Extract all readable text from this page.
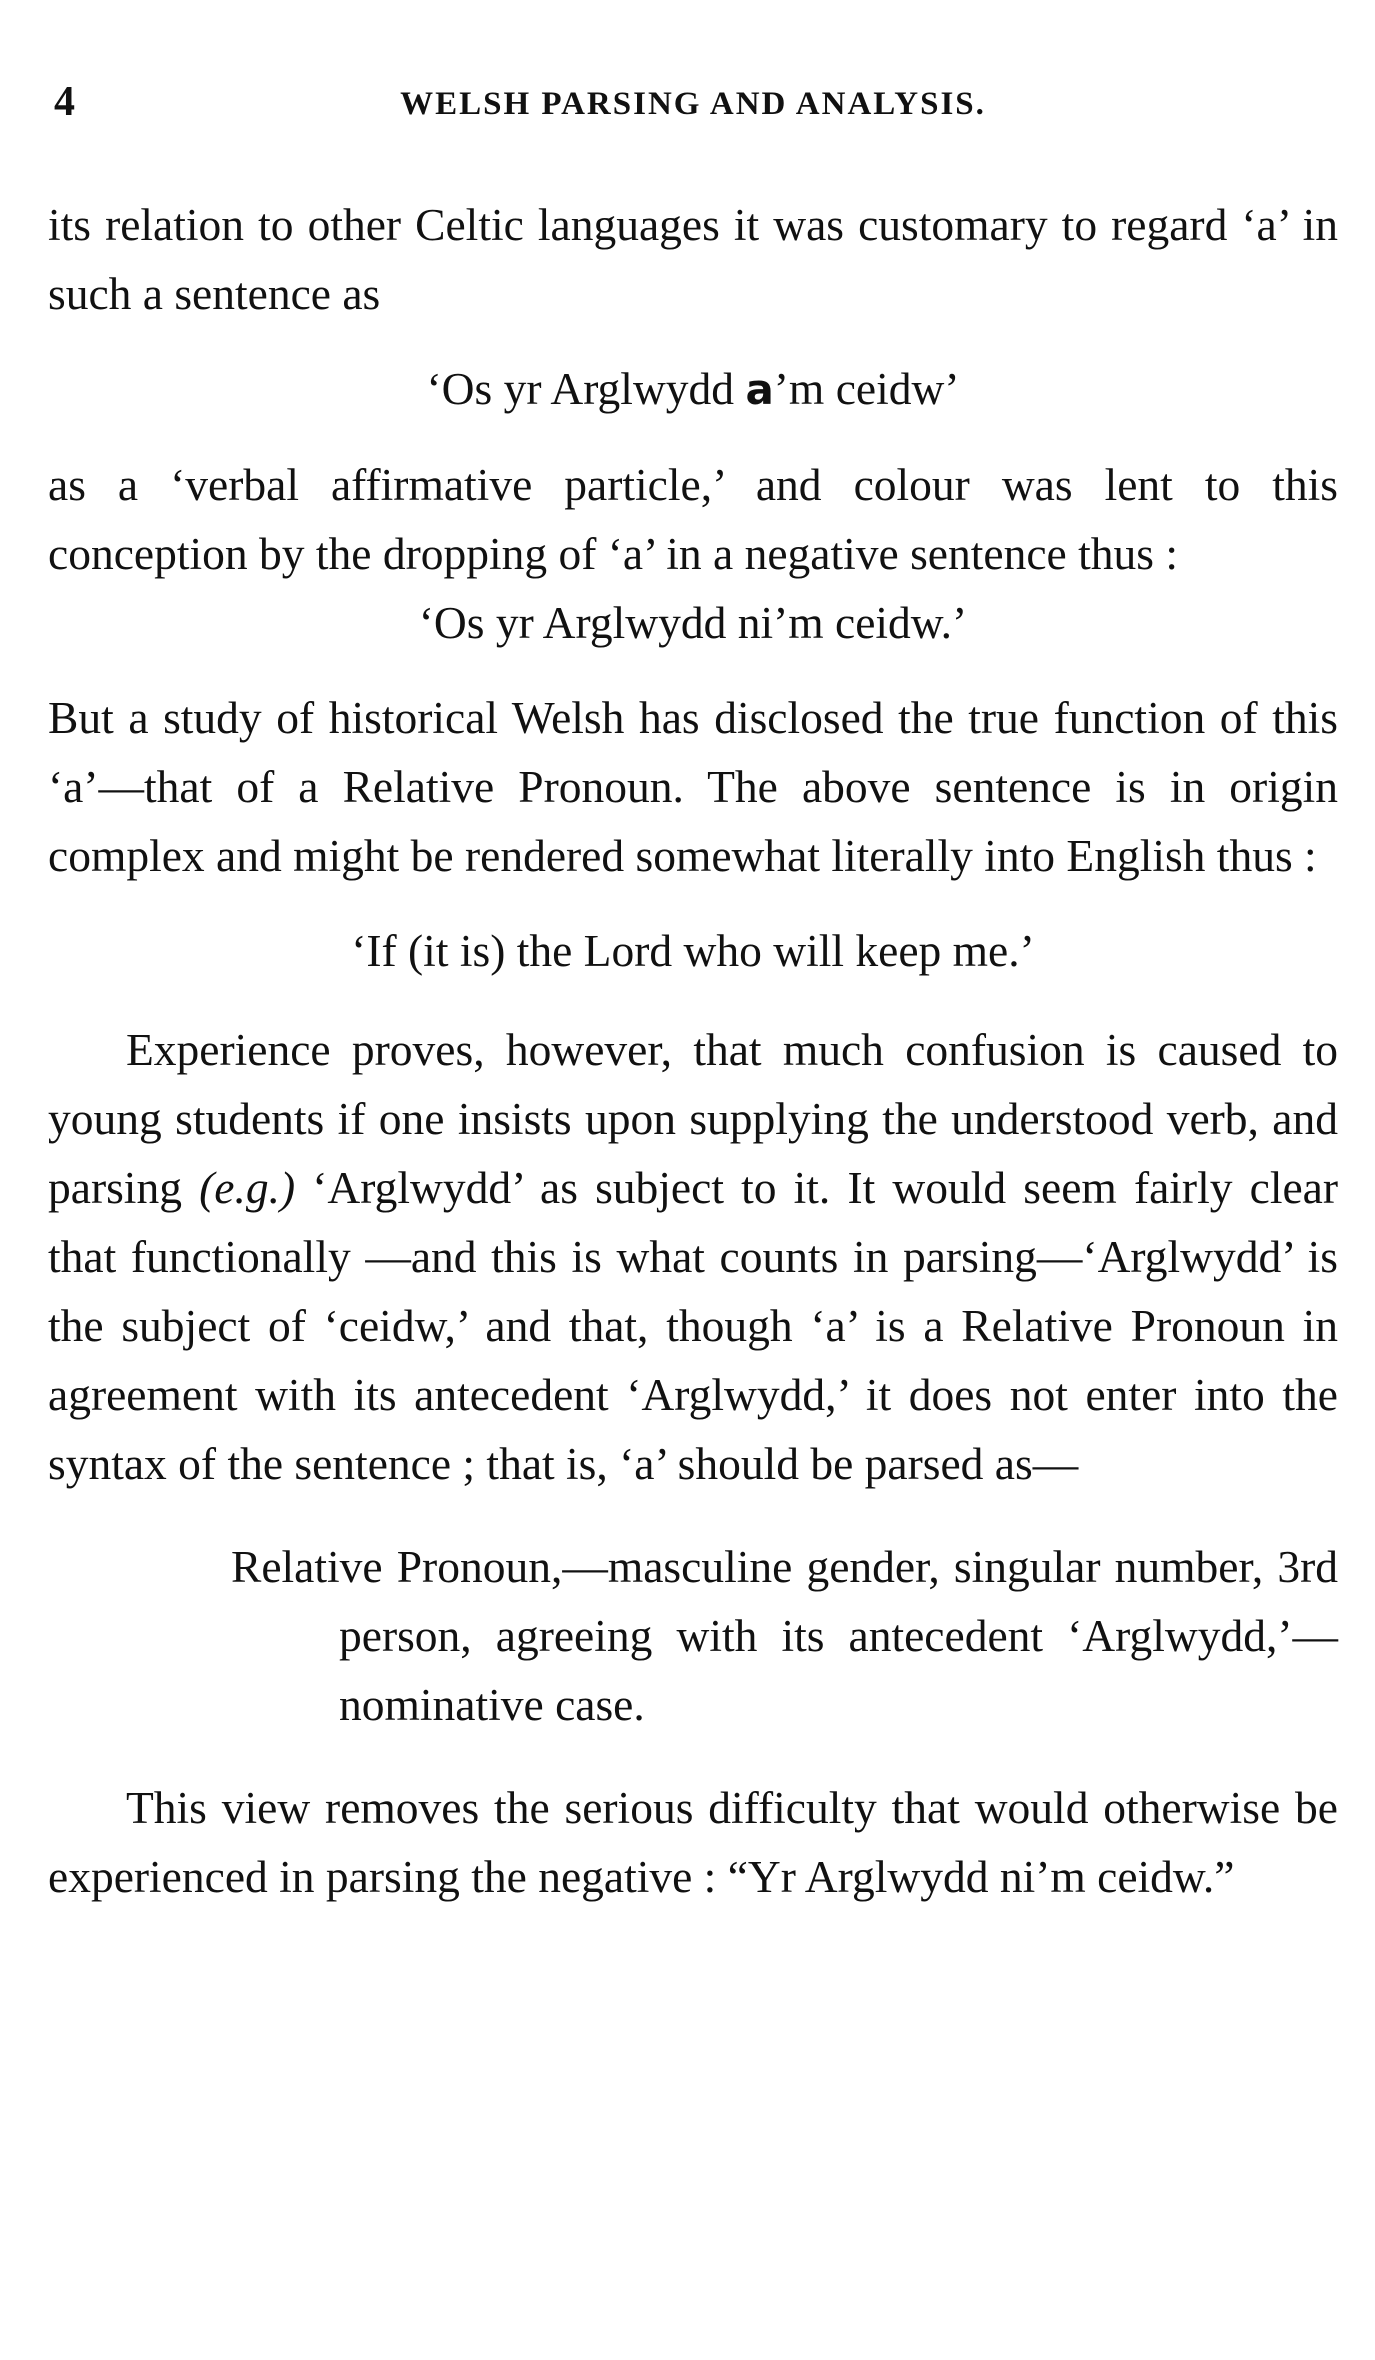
4	WELSH PARSING AND ANALYSIS.

its relation to other Celtic languages it was customary to regard ‘a’ in such a sentence as

‘Os yr Arglwydd a’m ceidw’

as a ‘verbal affirmative particle,’ and colour was lent to this conception by the dropping of ‘a’ in a negative sentence thus :

‘Os yr Arglwydd ni’m ceidw.’

But a study of historical Welsh has disclosed the true function of this ‘a’—that of a Relative Pronoun. The above sentence is in origin complex and might be rendered somewhat literally into English thus :

‘If (it is) the Lord who will keep me.’

Experience proves, however, that much confusion is caused to young students if one insists upon supplying the understood verb, and parsing (e.g.) ‘Arglwydd’ as subject to it. It would seem fairly clear that functionally —and this is what counts in parsing—‘Arglwydd’ is the subject of ‘ceidw,’ and that, though ‘a’ is a Relative Pronoun in agreement with its antecedent ‘Arglwydd,’ it does not enter into the syntax of the sentence ; that is, ‘a’ should be parsed as—

Relative Pronoun,—masculine gender, singular number, 3rd person, agreeing with its antecedent ‘Arglwydd,’—nominative case.

This view removes the serious difficulty that would otherwise be experienced in parsing the negative : “Yr Arglwydd ni’m ceidw.”
